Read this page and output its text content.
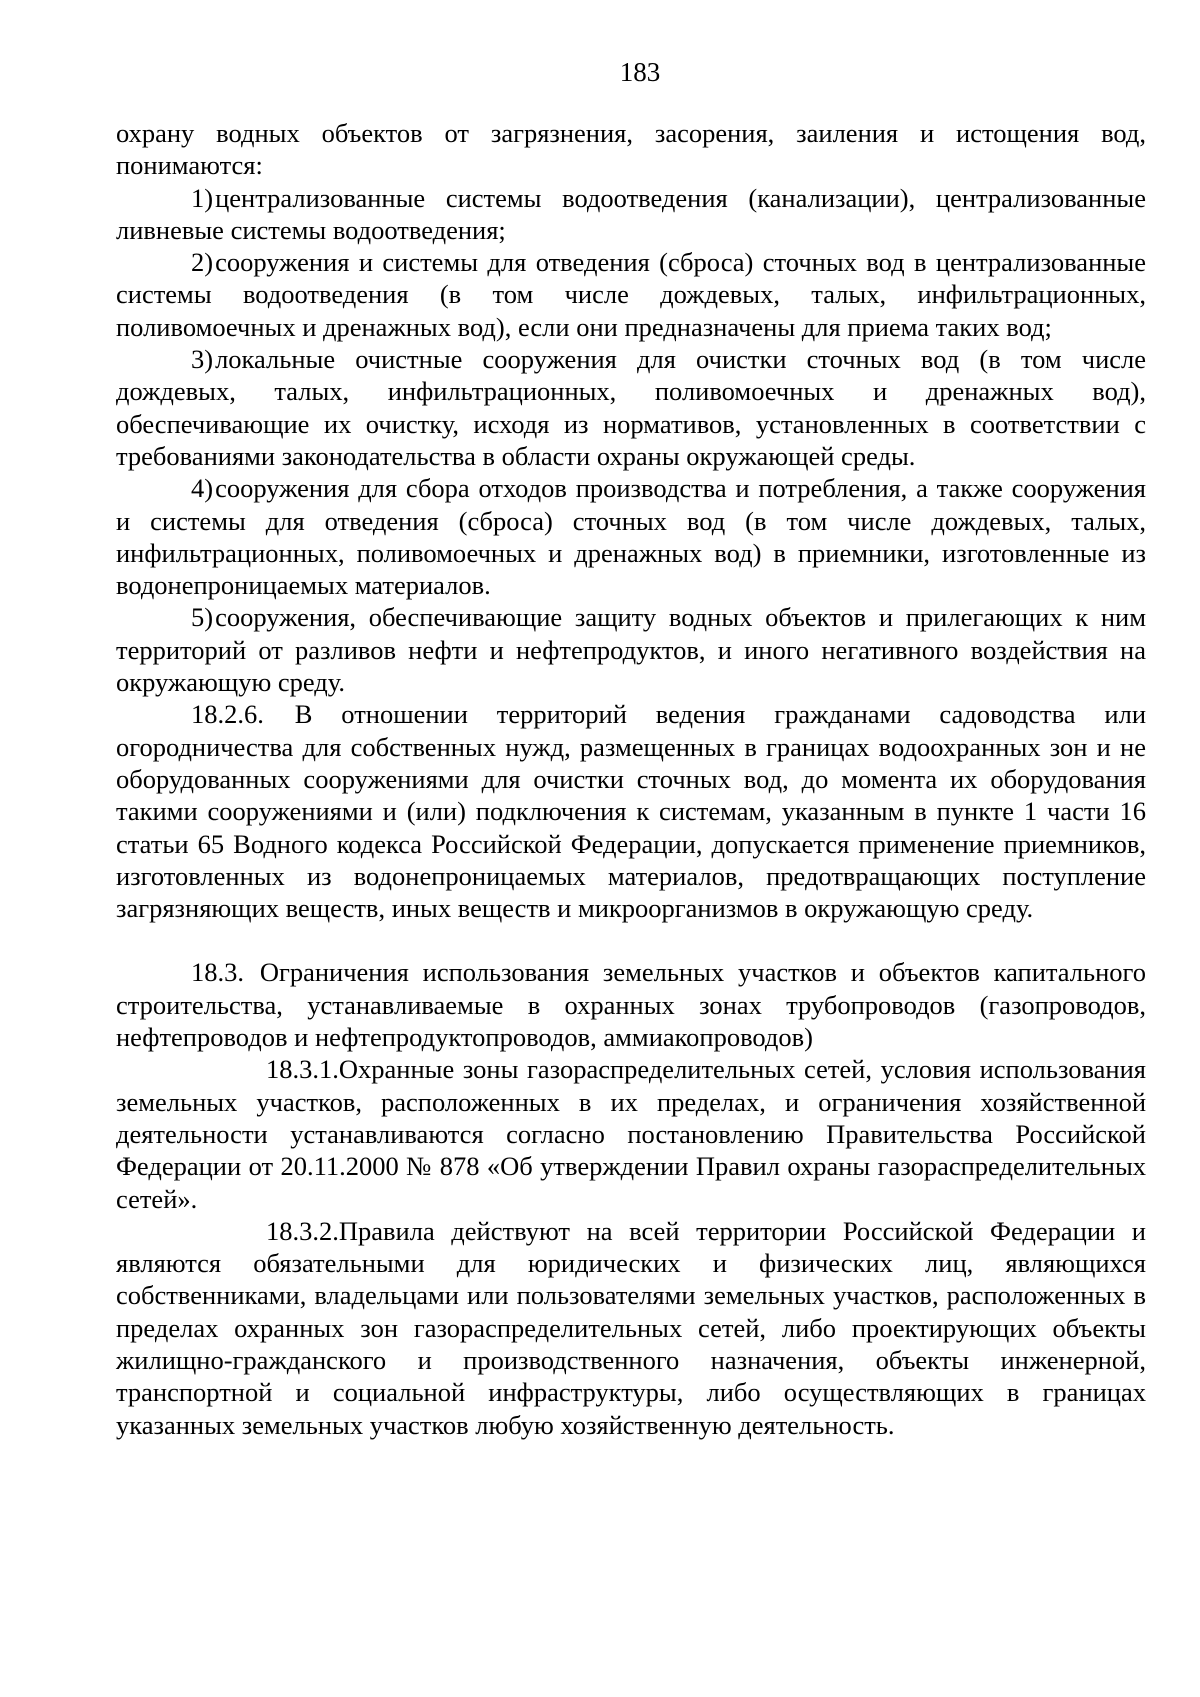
183

охрану водных объектов от загрязнения, засорения, заиления и истощения вод, понимаются:

1)централизованные системы водоотведения (канализации), централизованные ливневые системы водоотведения;

2)сооружения и системы для отведения (сброса) сточных вод в централизованные системы водоотведения (в том числе дождевых, талых, инфильтрационных, поливомоечных и дренажных вод), если они предназначены для приема таких вод;

3)локальные очистные сооружения для очистки сточных вод (в том числе дождевых, талых, инфильтрационных, поливомоечных и дренажных вод), обеспечивающие их очистку, исходя из нормативов, установленных в соответствии с требованиями законодательства в области охраны окружающей среды.

4)сооружения для сбора отходов производства и потребления, а также сооружения и системы для отведения (сброса) сточных вод (в том числе дождевых, талых, инфильтрационных, поливомоечных и дренажных вод) в приемники, изготовленные из водонепроницаемых материалов.

5)сооружения, обеспечивающие защиту водных объектов и прилегающих к ним территорий от разливов нефти и нефтепродуктов, и иного негативного воздействия на окружающую среду.

18.2.6. В отношении территорий ведения гражданами садоводства или огородничества для собственных нужд, размещенных в границах водоохранных зон и не оборудованных сооружениями для очистки сточных вод, до момента их оборудования такими сооружениями и (или) подключения к системам, указанным в пункте 1 части 16 статьи 65 Водного кодекса Российской Федерации, допускается применение приемников, изготовленных из водонепроницаемых материалов, предотвращающих поступление загрязняющих веществ, иных веществ и микроорганизмов в окружающую среду.

18.3. Ограничения использования земельных участков и объектов капитального строительства, устанавливаемые в охранных зонах трубопроводов (газопроводов, нефтепроводов и нефтепродуктопроводов, аммиакопроводов)

18.3.1.Охранные зоны газораспределительных сетей, условия использования земельных участков, расположенных в их пределах, и ограничения хозяйственной деятельности устанавливаются согласно постановлению Правительства Российской Федерации от 20.11.2000 № 878 «Об утверждении Правил охраны газораспределительных сетей».

18.3.2.Правила действуют на всей территории Российской Федерации и являются обязательными для юридических и физических лиц, являющихся собственниками, владельцами или пользователями земельных участков, расположенных в пределах охранных зон газораспределительных сетей, либо проектирующих объекты жилищно-гражданского и производственного назначения, объекты инженерной, транспортной и социальной инфраструктуры, либо осуществляющих в границах указанных земельных участков любую хозяйственную деятельность.
